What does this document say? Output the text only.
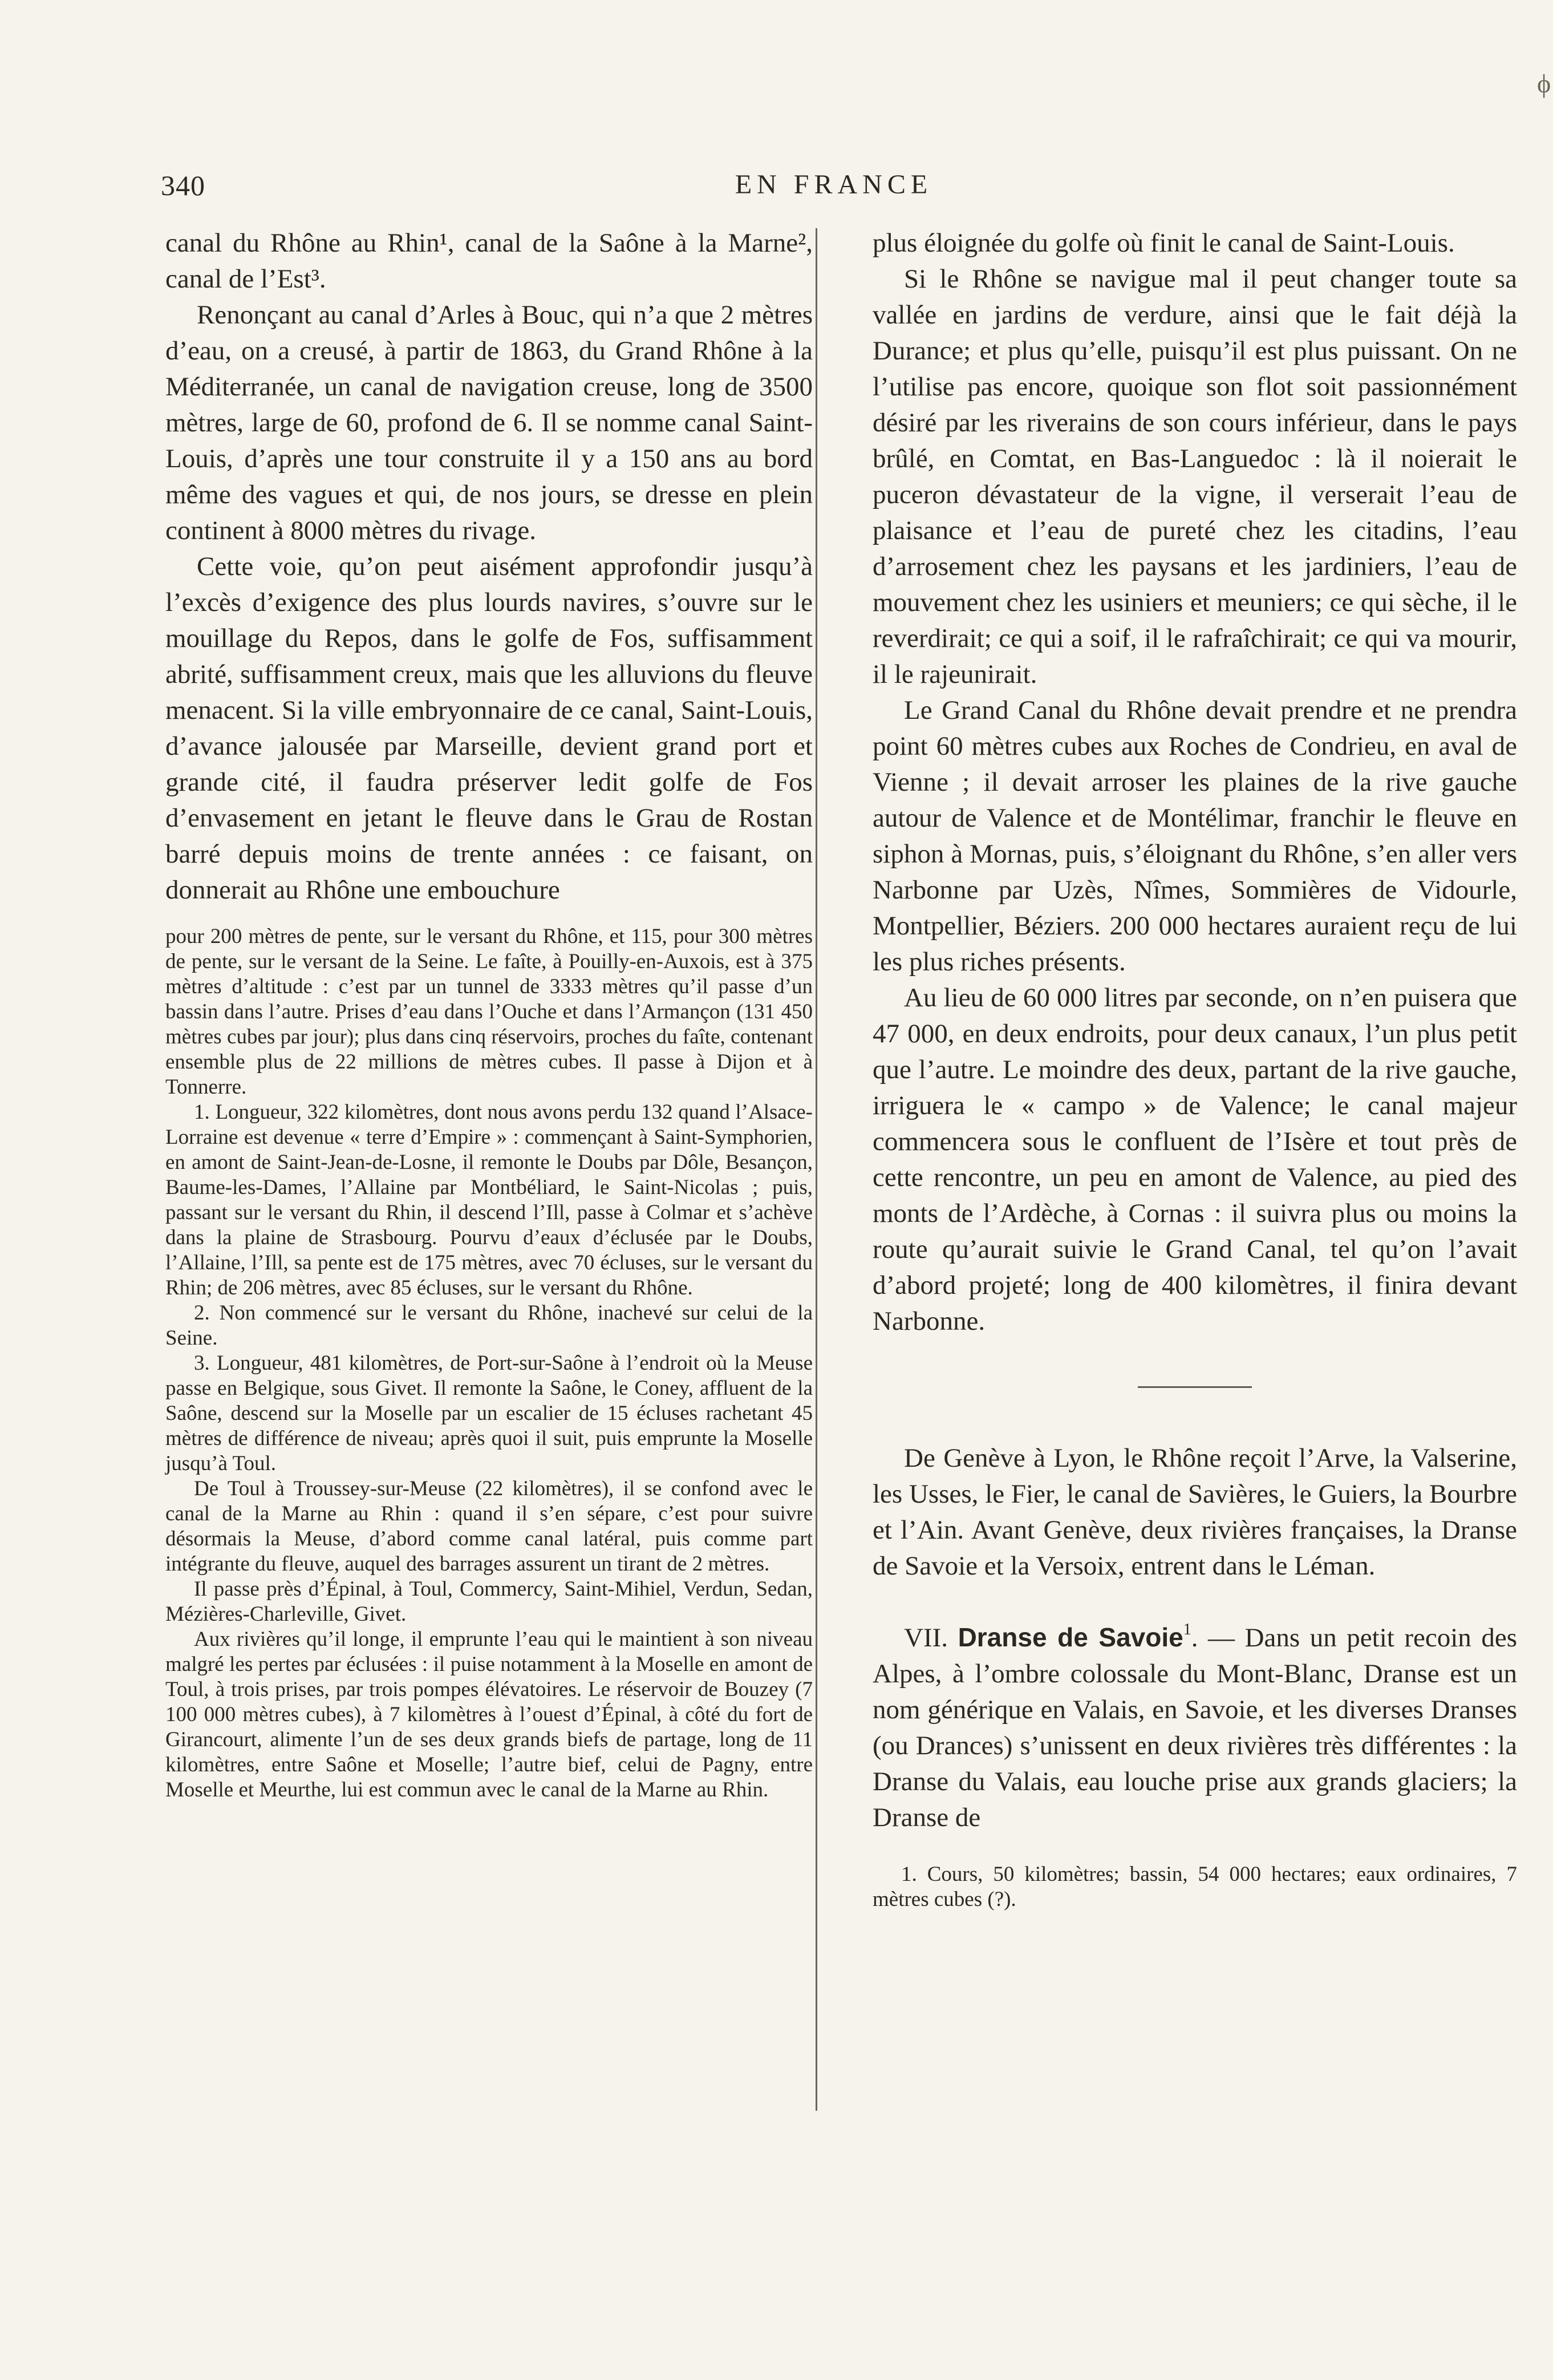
ϕ
340	EN FRANCE

canal du Rhône au Rhin¹, canal de la Saône à la Marne², canal de l’Est³.

Renonçant au canal d’Arles à Bouc, qui n’a que 2 mètres d’eau, on a creusé, à partir de 1863, du Grand Rhône à la Méditerranée, un canal de navigation creuse, long de 3500 mètres, large de 60, profond de 6. Il se nomme canal Saint-Louis, d’après une tour construite il y a 150 ans au bord même des vagues et qui, de nos jours, se dresse en plein continent à 8000 mètres du rivage.

Cette voie, qu’on peut aisément approfondir jusqu’à l’excès d’exigence des plus lourds navires, s’ouvre sur le mouillage du Repos, dans le golfe de Fos, suffisamment abrité, suffisamment creux, mais que les alluvions du fleuve menacent. Si la ville embryonnaire de ce canal, Saint-Louis, d’avance jalousée par Marseille, devient grand port et grande cité, il faudra préserver ledit golfe de Fos d’envasement en jetant le fleuve dans le Grau de Rostan barré depuis moins de trente années : ce faisant, on donnerait au Rhône une embouchure

pour 200 mètres de pente, sur le versant du Rhône, et 115, pour 300 mètres de pente, sur le versant de la Seine. Le faîte, à Pouilly-en-Auxois, est à 375 mètres d’altitude : c’est par un tunnel de 3333 mètres qu’il passe d’un bassin dans l’autre. Prises d’eau dans l’Ouche et dans l’Armançon (131 450 mètres cubes par jour); plus dans cinq réservoirs, proches du faîte, contenant ensemble plus de 22 millions de mètres cubes. Il passe à Dijon et à Tonnerre.

1. Longueur, 322 kilomètres, dont nous avons perdu 132 quand l’Alsace-Lorraine est devenue « terre d’Empire » : commençant à Saint-Symphorien, en amont de Saint-Jean-de-Losne, il remonte le Doubs par Dôle, Besançon, Baume-les-Dames, l’Allaine par Montbéliard, le Saint-Nicolas ; puis, passant sur le versant du Rhin, il descend l’Ill, passe à Colmar et s’achève dans la plaine de Strasbourg. Pourvu d’eaux d’éclusée par le Doubs, l’Allaine, l’Ill, sa pente est de 175 mètres, avec 70 écluses, sur le versant du Rhin; de 206 mètres, avec 85 écluses, sur le versant du Rhône.

2. Non commencé sur le versant du Rhône, inachevé sur celui de la Seine.

3. Longueur, 481 kilomètres, de Port-sur-Saône à l’endroit où la Meuse passe en Belgique, sous Givet. Il remonte la Saône, le Coney, affluent de la Saône, descend sur la Moselle par un escalier de 15 écluses rachetant 45 mètres de différence de niveau; après quoi il suit, puis emprunte la Moselle jusqu’à Toul.

De Toul à Troussey-sur-Meuse (22 kilomètres), il se confond avec le canal de la Marne au Rhin : quand il s’en sépare, c’est pour suivre désormais la Meuse, d’abord comme canal latéral, puis comme part intégrante du fleuve, auquel des barrages assurent un tirant de 2 mètres.

Il passe près d’Épinal, à Toul, Commercy, Saint-Mihiel, Verdun, Sedan, Mézières-Charleville, Givet.

Aux rivières qu’il longe, il emprunte l’eau qui le maintient à son niveau malgré les pertes par éclusées : il puise notamment à la Moselle en amont de Toul, à trois prises, par trois pompes élévatoires. Le réservoir de Bouzey (7 100 000 mètres cubes), à 7 kilomètres à l’ouest d’Épinal, à côté du fort de Girancourt, alimente l’un de ses deux grands biefs de partage, long de 11 kilomètres, entre Saône et Moselle; l’autre bief, celui de Pagny, entre Moselle et Meurthe, lui est commun avec le canal de la Marne au Rhin.

plus éloignée du golfe où finit le canal de Saint-Louis.

Si le Rhône se navigue mal il peut changer toute sa vallée en jardins de verdure, ainsi que le fait déjà la Durance; et plus qu’elle, puisqu’il est plus puissant. On ne l’utilise pas encore, quoique son flot soit passionnément désiré par les riverains de son cours inférieur, dans le pays brûlé, en Comtat, en Bas-Languedoc : là il noierait le puceron dévastateur de la vigne, il verserait l’eau de plaisance et l’eau de pureté chez les citadins, l’eau d’arrosement chez les paysans et les jardiniers, l’eau de mouvement chez les usiniers et meuniers; ce qui sèche, il le reverdirait; ce qui a soif, il le rafraîchirait; ce qui va mourir, il le rajeunirait.

Le Grand Canal du Rhône devait prendre et ne prendra point 60 mètres cubes aux Roches de Condrieu, en aval de Vienne ; il devait arroser les plaines de la rive gauche autour de Valence et de Montélimar, franchir le fleuve en siphon à Mornas, puis, s’éloignant du Rhône, s’en aller vers Narbonne par Uzès, Nîmes, Sommières de Vidourle, Montpellier, Béziers. 200 000 hectares auraient reçu de lui les plus riches présents.

Au lieu de 60 000 litres par seconde, on n’en puisera que 47 000, en deux endroits, pour deux canaux, l’un plus petit que l’autre. Le moindre des deux, partant de la rive gauche, irriguera le « campo » de Valence; le canal majeur commencera sous le confluent de l’Isère et tout près de cette rencontre, un peu en amont de Valence, au pied des monts de l’Ardèche, à Cornas : il suivra plus ou moins la route qu’aurait suivie le Grand Canal, tel qu’on l’avait d’abord projeté; long de 400 kilomètres, il finira devant Narbonne.

De Genève à Lyon, le Rhône reçoit l’Arve, la Valserine, les Usses, le Fier, le canal de Savières, le Guiers, la Bourbre et l’Ain. Avant Genève, deux rivières françaises, la Dranse de Savoie et la Versoix, entrent dans le Léman.

VII. Dranse de Savoie$^1$. — Dans un petit recoin des Alpes, à l’ombre colossale du Mont-Blanc, Dranse est un nom générique en Valais, en Savoie, et les diverses Dranses (ou Drances) s’unissent en deux rivières très différentes : la Dranse du Valais, eau louche prise aux grands glaciers; la Dranse de

1. Cours, 50 kilomètres; bassin, 54 000 hectares; eaux ordinaires, 7 mètres cubes (?).
